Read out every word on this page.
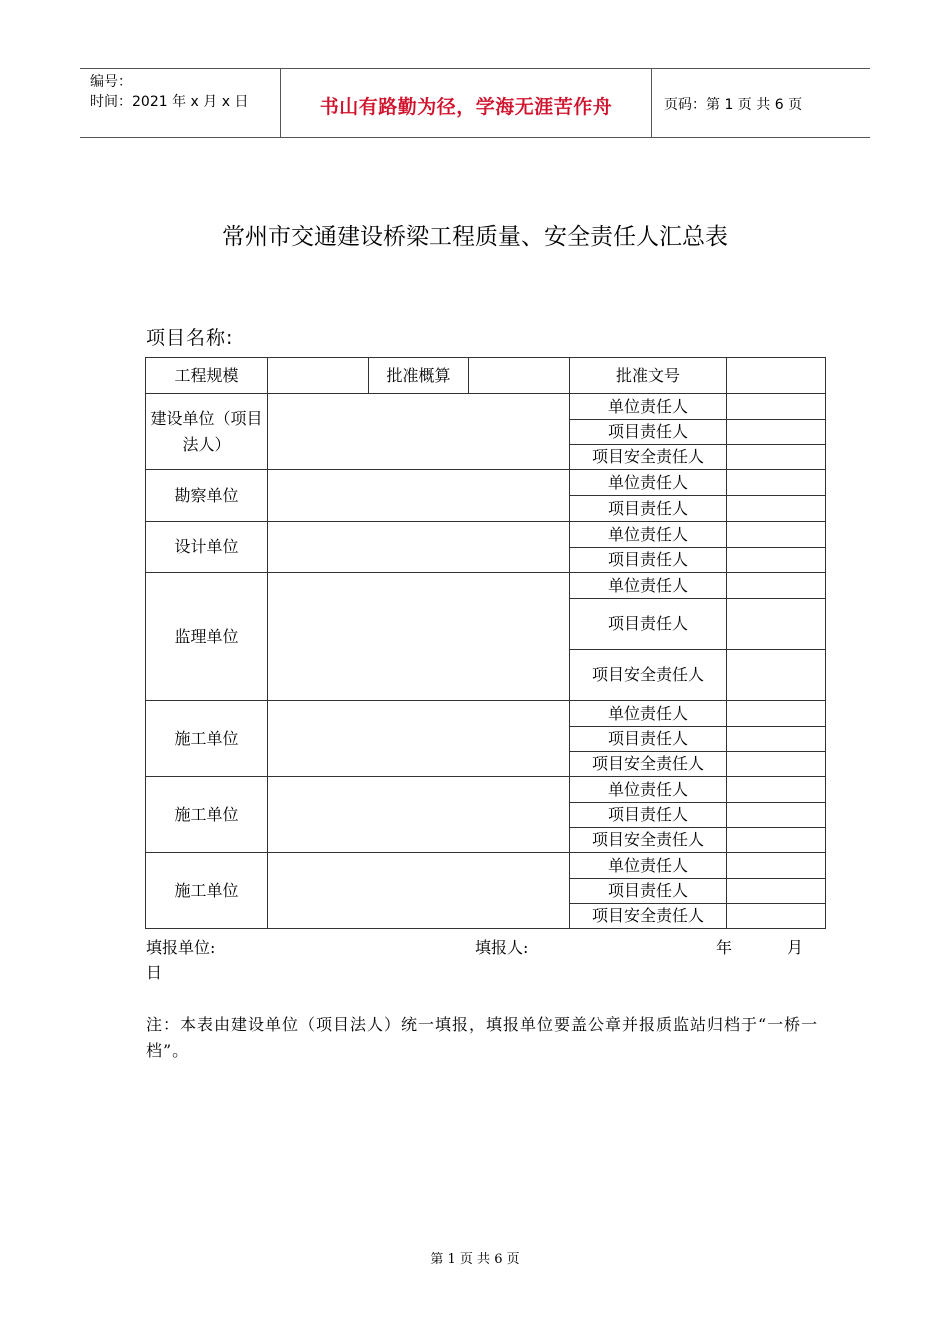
编号：
时间：2021 年 x 月 x 日	书山有路勤为径，学海无涯苦作舟	页码：第 1 页 共 6 页
常州市交通建设桥梁工程质量、安全责任人汇总表
项目名称:
工程规模		批准概算		批准文号	
建设单位（项目法人）				单位责任人	
				项目责任人	
				项目安全责任人	
勘察单位				单位责任人	
				项目责任人	
设计单位				单位责任人	
				项目责任人	
监理单位				单位责任人	
				项目责任人	
				项目安全责任人	
施工单位				单位责任人	
				项目责任人	
				项目安全责任人	
施工单位				单位责任人	
				项目责任人	
				项目安全责任人	
施工单位				单位责任人	
				项目责任人	
				项目安全责任人	
填报单位:	填报人:	年	月
日
注：本表由建设单位（项目法人）统一填报，填报单位要盖公章并报质监站归档于“一桥一档”。
第 1 页 共 6 页
